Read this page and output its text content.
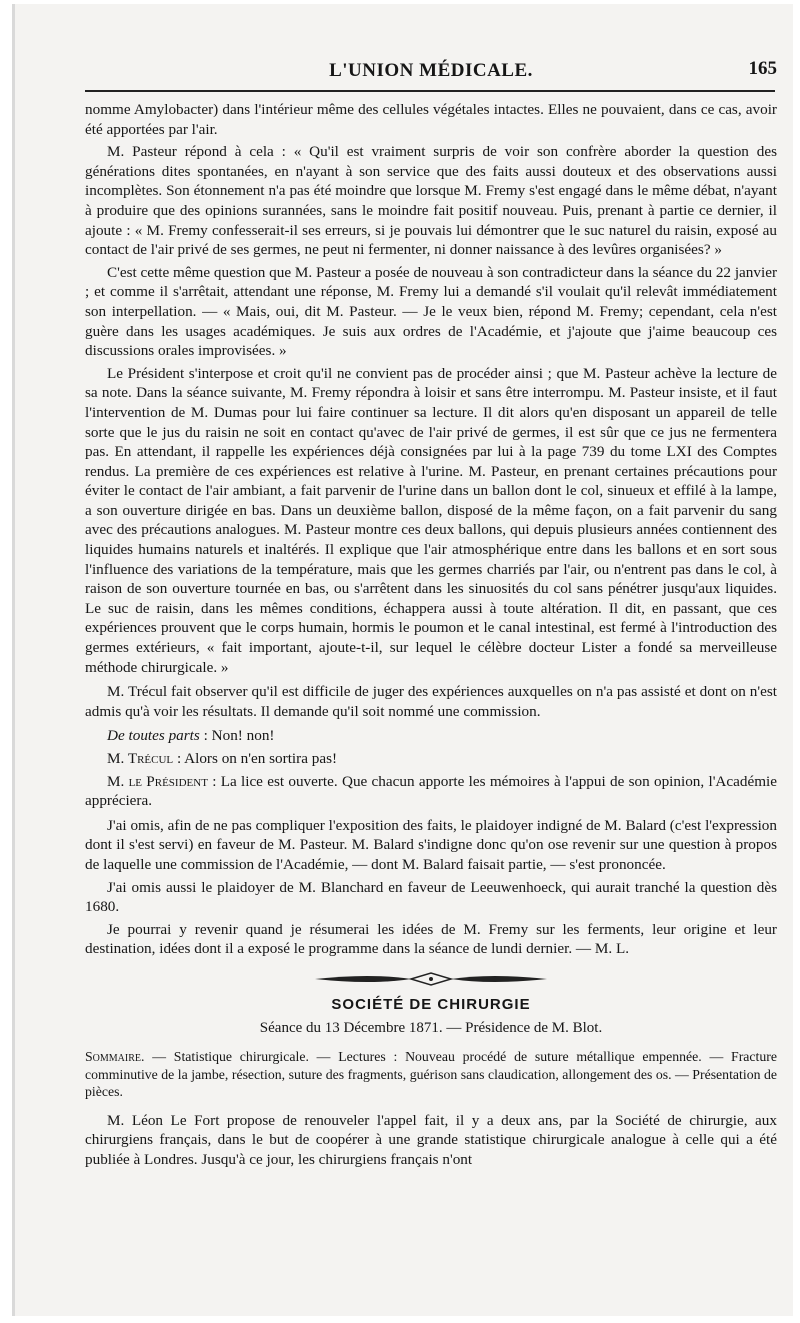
L'UNION MÉDICALE.	165

nomme Amylobacter) dans l'intérieur même des cellules végétales intactes. Elles ne pouvaient, dans ce cas, avoir été apportées par l'air.

M. Pasteur répond à cela : « Qu'il est vraiment surpris de voir son confrère aborder la question des générations dites spontanées, en n'ayant à son service que des faits aussi douteux et des observations aussi incomplètes. Son étonnement n'a pas été moindre que lorsque M. Fremy s'est engagé dans le même débat, n'ayant à produire que des opinions surannées, sans le moindre fait positif nouveau. Puis, prenant à partie ce dernier, il ajoute : « M. Fremy confesserait-il ses erreurs, si je pouvais lui démontrer que le suc naturel du raisin, exposé au contact de l'air privé de ses germes, ne peut ni fermenter, ni donner naissance à des levûres organisées? »

C'est cette même question que M. Pasteur a posée de nouveau à son contradicteur dans la séance du 22 janvier ; et comme il s'arrêtait, attendant une réponse, M. Fremy lui a demandé s'il voulait qu'il relevât immédiatement son interpellation. — « Mais, oui, dit M. Pasteur. — Je le veux bien, répond M. Fremy; cependant, cela n'est guère dans les usages académiques. Je suis aux ordres de l'Académie, et j'ajoute que j'aime beaucoup ces discussions orales improvisées. »

Le Président s'interpose et croit qu'il ne convient pas de procéder ainsi ; que M. Pasteur achève la lecture de sa note. Dans la séance suivante, M. Fremy répondra à loisir et sans être interrompu. M. Pasteur insiste, et il faut l'intervention de M. Dumas pour lui faire continuer sa lecture. Il dit alors qu'en disposant un appareil de telle sorte que le jus du raisin ne soit en contact qu'avec de l'air privé de germes, il est sûr que ce jus ne fermentera pas. En attendant, il rappelle les expériences déjà consignées par lui à la page 739 du tome LXI des Comptes rendus. La première de ces expériences est relative à l'urine. M. Pasteur, en prenant certaines précautions pour éviter le contact de l'air ambiant, a fait parvenir de l'urine dans un ballon dont le col, sinueux et effilé à la lampe, a son ouverture dirigée en bas. Dans un deuxième ballon, disposé de la même façon, on a fait parvenir du sang avec des précautions analogues. M. Pasteur montre ces deux ballons, qui depuis plusieurs années contiennent des liquides humains naturels et inaltérés. Il explique que l'air atmosphérique entre dans les ballons et en sort sous l'influence des variations de la température, mais que les germes charriés par l'air, ou n'entrent pas dans le col, à raison de son ouverture tournée en bas, ou s'arrêtent dans les sinuosités du col sans pénétrer jusqu'aux liquides. Le suc de raisin, dans les mêmes conditions, échappera aussi à toute altération. Il dit, en passant, que ces expériences prouvent que le corps humain, hormis le poumon et le canal intestinal, est fermé à l'introduction des germes extérieurs, « fait important, ajoute-t-il, sur lequel le célèbre docteur Lister a fondé sa merveilleuse méthode chirurgicale. »

M. Trécul fait observer qu'il est difficile de juger des expériences auxquelles on n'a pas assisté et dont on n'est admis qu'à voir les résultats. Il demande qu'il soit nommé une commission.

De toutes parts : Non! non!

M. Trécul : Alors on n'en sortira pas!

M. le Président : La lice est ouverte. Que chacun apporte les mémoires à l'appui de son opinion, l'Académie appréciera.

J'ai omis, afin de ne pas compliquer l'exposition des faits, le plaidoyer indigné de M. Balard (c'est l'expression dont il s'est servi) en faveur de M. Pasteur. M. Balard s'indigne donc qu'on ose revenir sur une question à propos de laquelle une commission de l'Académie, — dont M. Balard faisait partie, — s'est prononcée.

J'ai omis aussi le plaidoyer de M. Blanchard en faveur de Leeuwenhoeck, qui aurait tranché la question dès 1680.

Je pourrai y revenir quand je résumerai les idées de M. Fremy sur les ferments, leur origine et leur destination, idées dont il a exposé le programme dans la séance de lundi dernier. — M. L.

SOCIÉTÉ DE CHIRURGIE
Séance du 13 Décembre 1871. — Présidence de M. Blot.

Sommaire. — Statistique chirurgicale. — Lectures : Nouveau procédé de suture métallique empennée. — Fracture comminutive de la jambe, résection, suture des fragments, guérison sans claudication, allongement des os. — Présentation de pièces.

M. Léon Le Fort propose de renouveler l'appel fait, il y a deux ans, par la Société de chirurgie, aux chirurgiens français, dans le but de coopérer à une grande statistique chirurgicale analogue à celle qui a été publiée à Londres. Jusqu'à ce jour, les chirurgiens français n'ont
